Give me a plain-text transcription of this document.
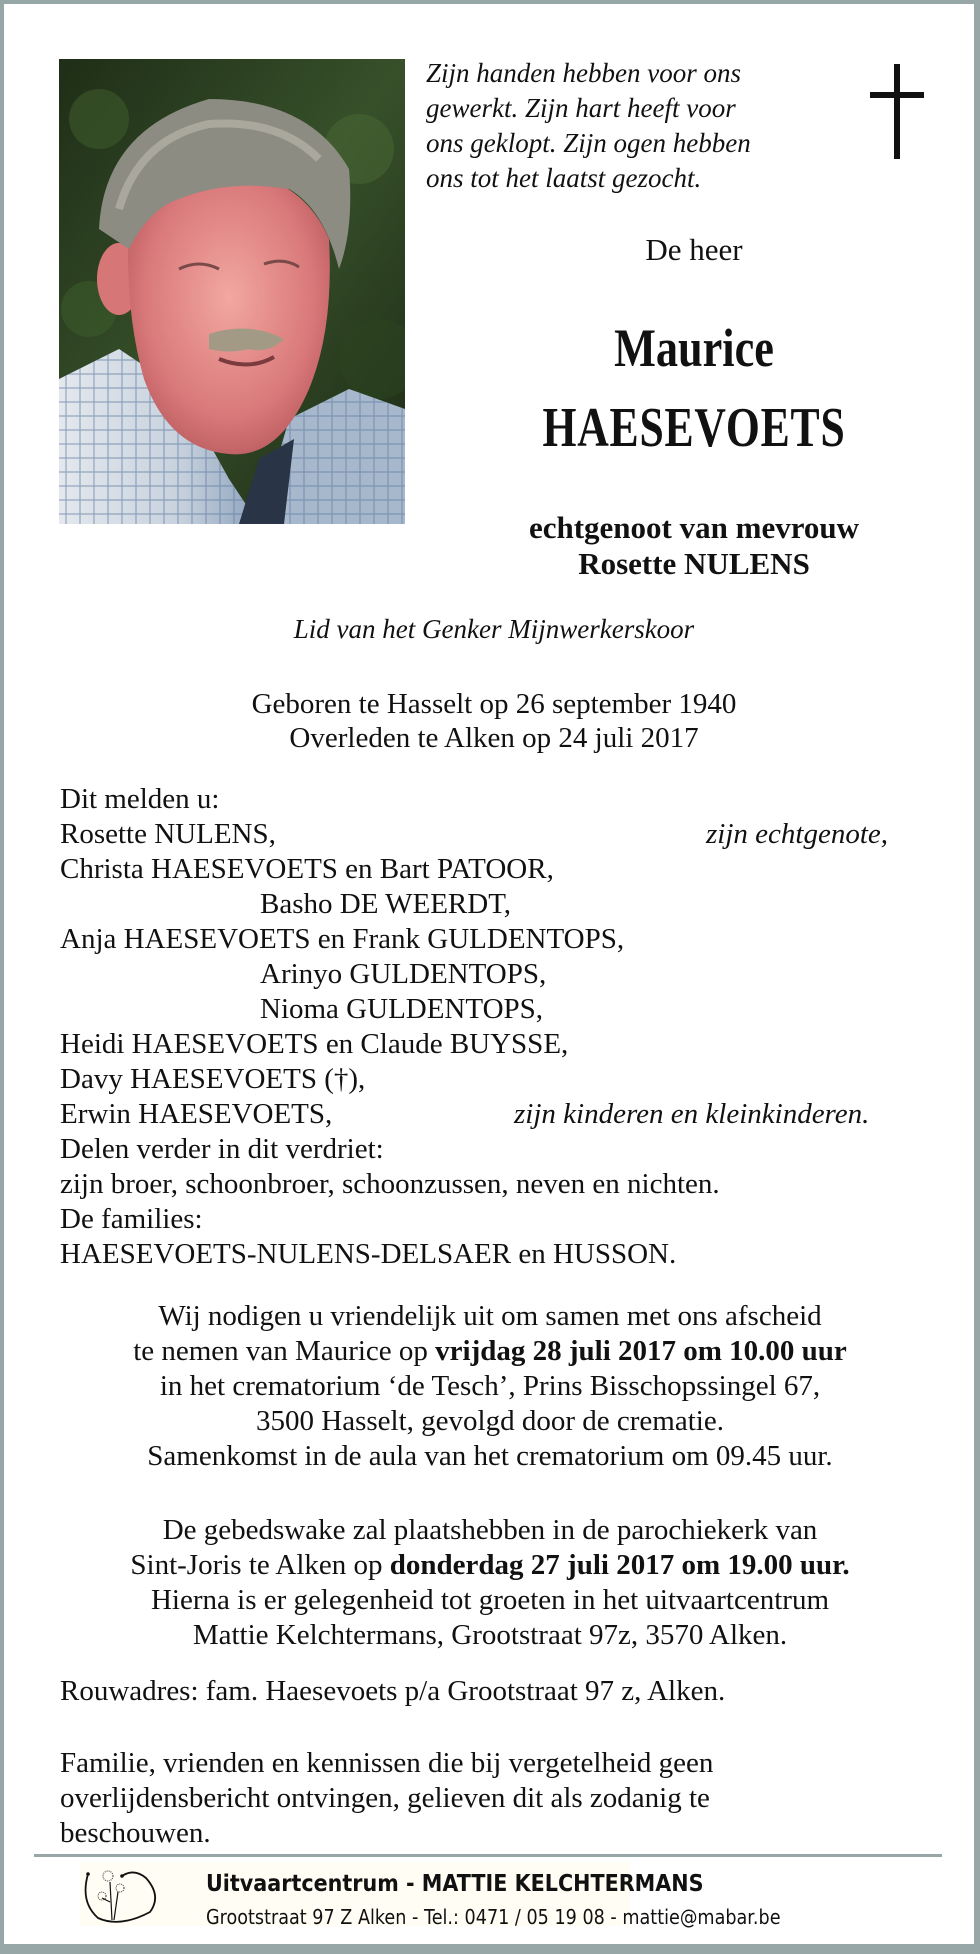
Zijn handen hebben voor ons
gewerkt. Zijn hart heeft voor
ons geklopt. Zijn ogen hebben
ons tot het laatst gezocht.
De heer
Maurice
HAESEVOETS
echtgenoot van mevrouw
Rosette NULENS
Lid van het Genker Mijnwerkerskoor
Geboren te Hasselt op 26 september 1940
Overleden te Alken op 24 juli 2017
Dit melden u:
Rosette NULENS,	zijn echtgenote,
Christa HAESEVOETS en Bart PATOOR,
Basho DE WEERDT,
Anja HAESEVOETS en Frank GULDENTOPS,
Arinyo GULDENTOPS,
Nioma GULDENTOPS,
Heidi HAESEVOETS en Claude BUYSSE,
Davy HAESEVOETS (†),
Erwin HAESEVOETS,	zijn kinderen en kleinkinderen.
Delen verder in dit verdriet:
zijn broer, schoonbroer, schoonzussen, neven en nichten.
De families:
HAESEVOETS-NULENS-DELSAER en HUSSON.
Wij nodigen u vriendelijk uit om samen met ons afscheid
te nemen van Maurice op vrijdag 28 juli 2017 om 10.00 uur
in het crematorium ‘de Tesch’, Prins Bisschopssingel 67,
3500 Hasselt, gevolgd door de crematie.
Samenkomst in de aula van het crematorium om 09.45 uur.
De gebedswake zal plaatshebben in de parochiekerk van
Sint-Joris te Alken op donderdag 27 juli 2017 om 19.00 uur.
Hierna is er gelegenheid tot groeten in het uitvaartcentrum
Mattie Kelchtermans, Grootstraat 97z, 3570 Alken.
Rouwadres: fam. Haesevoets p/a Grootstraat 97 z, Alken.
Familie, vrienden en kennissen die bij vergetelheid geen
overlijdensbericht ontvingen, gelieven dit als zodanig te
beschouwen.
Uitvaartcentrum - MATTIE KELCHTERMANS
Grootstraat 97 Z Alken - Tel.: 0471 / 05 19 08 - mattie@mabar.be
